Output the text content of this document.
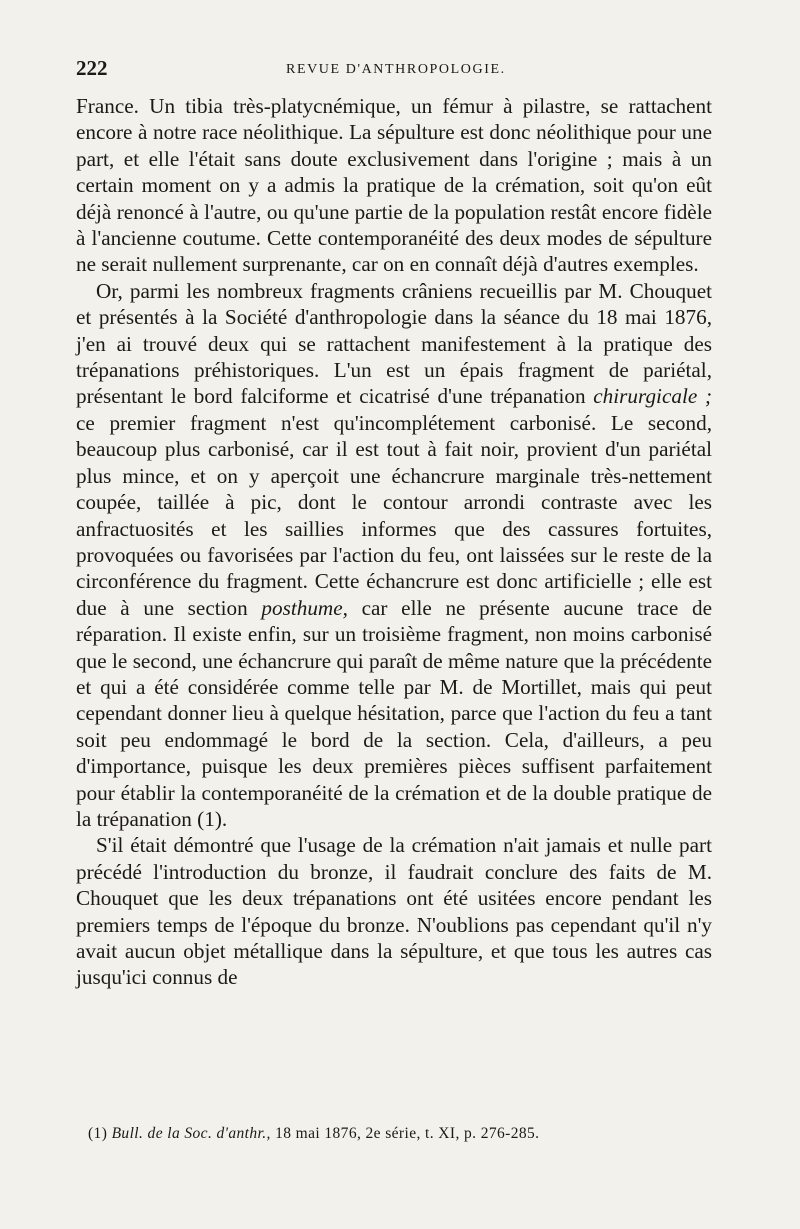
222	REVUE D'ANTHROPOLOGIE.

France. Un tibia très-platycnémique, un fémur à pilastre, se rattachent encore à notre race néolithique. La sépulture est donc néolithique pour une part, et elle l'était sans doute exclusivement dans l'origine ; mais à un certain moment on y a admis la pratique de la crémation, soit qu'on eût déjà renoncé à l'autre, ou qu'une partie de la population restât encore fidèle à l'ancienne coutume. Cette contemporanéité des deux modes de sépulture ne serait nullement surprenante, car on en connaît déjà d'autres exemples.

Or, parmi les nombreux fragments crâniens recueillis par M. Chouquet et présentés à la Société d'anthropologie dans la séance du 18 mai 1876, j'en ai trouvé deux qui se rattachent manifestement à la pratique des trépanations préhistoriques. L'un est un épais fragment de pariétal, présentant le bord falciforme et cicatrisé d'une trépanation chirurgicale ; ce premier fragment n'est qu'incomplétement carbonisé. Le second, beaucoup plus carbonisé, car il est tout à fait noir, provient d'un pariétal plus mince, et on y aperçoit une échancrure marginale très-nettement coupée, taillée à pic, dont le contour arrondi contraste avec les anfractuosités et les saillies informes que des cassures fortuites, provoquées ou favorisées par l'action du feu, ont laissées sur le reste de la circonférence du fragment. Cette échancrure est donc artificielle ; elle est due à une section posthume, car elle ne présente aucune trace de réparation. Il existe enfin, sur un troisième fragment, non moins carbonisé que le second, une échancrure qui paraît de même nature que la précédente et qui a été considérée comme telle par M. de Mortillet, mais qui peut cependant donner lieu à quelque hésitation, parce que l'action du feu a tant soit peu endommagé le bord de la section. Cela, d'ailleurs, a peu d'importance, puisque les deux premières pièces suffisent parfaitement pour établir la contemporanéité de la crémation et de la double pratique de la trépanation (1).

S'il était démontré que l'usage de la crémation n'ait jamais et nulle part précédé l'introduction du bronze, il faudrait conclure des faits de M. Chouquet que les deux trépanations ont été usitées encore pendant les premiers temps de l'époque du bronze. N'oublions pas cependant qu'il n'y avait aucun objet métallique dans la sépulture, et que tous les autres cas jusqu'ici connus de

(1) Bull. de la Soc. d'anthr., 18 mai 1876, 2e série, t. XI, p. 276-285.
